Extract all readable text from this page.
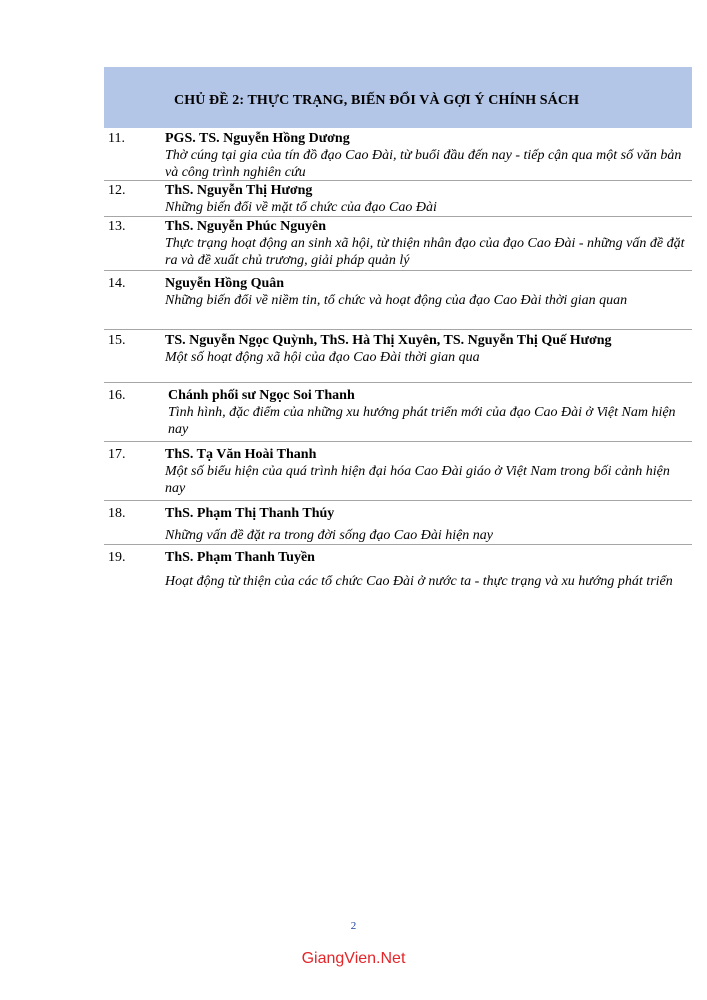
CHỦ ĐỀ 2: THỰC TRẠNG, BIẾN ĐỔI VÀ GỢI Ý CHÍNH SÁCH
11.	PGS. TS. Nguyễn Hồng Dương
Thờ cúng tại gia của tín đồ đạo Cao Đài, từ buổi đầu đến nay - tiếp cận qua một số văn bản và công trình nghiên cứu
12.	ThS. Nguyễn Thị Hương
Những biến đổi về mặt tổ chức của đạo Cao Đài
13.	ThS. Nguyễn Phúc Nguyên
Thực trạng hoạt động an sinh xã hội, từ thiện nhân đạo của đạo Cao Đài - những vấn đề đặt ra và đề xuất chủ trương, giải pháp quản lý
14.	Nguyễn Hồng Quân
Những biến đổi về niềm tin, tổ chức và hoạt động của đạo Cao Đài thời gian quan
15.	TS. Nguyễn Ngọc Quỳnh, ThS. Hà Thị Xuyên, TS. Nguyễn Thị Quế Hương
Một số hoạt động xã hội của đạo Cao Đài thời gian qua
16.	Chánh phối sư Ngọc Soi Thanh
Tình hình, đặc điểm của những xu hướng phát triển mới của đạo Cao Đài ở Việt Nam hiện nay
17.	ThS. Tạ Văn Hoài Thanh
Một số biểu hiện của quá trình hiện đại hóa Cao Đài giáo ở Việt Nam trong bối cảnh hiện nay
18.	ThS. Phạm Thị Thanh Thúy
Những vấn đề đặt ra trong đời sống đạo Cao Đài hiện nay
19.	ThS. Phạm Thanh Tuyền
Hoạt động từ thiện của các tổ chức Cao Đài ở nước ta - thực trạng và xu hướng phát triển
2
GiangVien.Net
